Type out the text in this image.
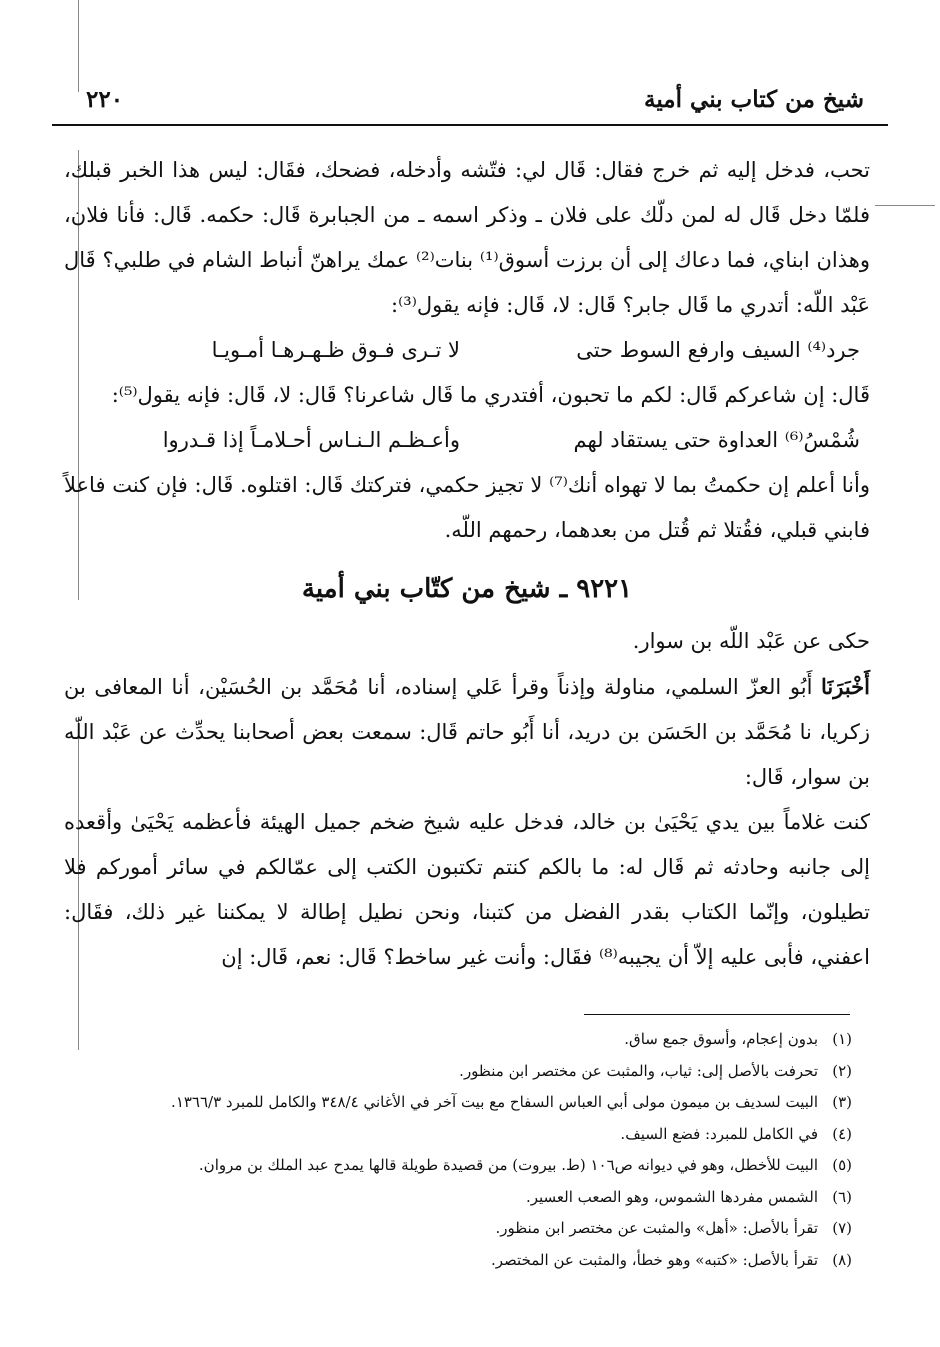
شيخ من كتاب بني أمية
٢٢٠

تحب، فدخل إليه ثم خرج فقال: قَال لي: فتّشه وأدخله، فضحك، فقَال: ليس هذا الخبر قبلك، فلمّا دخل قَال له لمن دلّك على فلان ـ وذكر اسمه ـ من الجبابرة قَال: حكمه. قَال: فأنا فلان، وهذان ابناي، فما دعاك إلى أن برزت أسوق⁽¹⁾ بنات⁽²⁾ عمك يراهنّ أنباط الشام في طلبي؟ قَال عَبْد اللّه: أتدري ما قَال جابر؟ قَال: لا، قَال: فإنه يقول⁽³⁾:

جرد⁽⁴⁾ السيف وارفع السوط حتى
لا تـرى فـوق ظـهـرهـا أمـويـا

قَال: إن شاعركم قَال: لكم ما تحبون، أفتدري ما قَال شاعرنا؟ قَال: لا، قَال: فإنه يقول⁽⁵⁾:

شُمْسُ⁽⁶⁾ العداوة حتى يستقاد لهم
وأعـظـم الـنـاس أحـلامـاً إذا قـدروا

وأنا أعلم إن حكمتُ بما لا تهواه أنك⁽⁷⁾ لا تجيز حكمي، فتركتك قَال: اقتلوه. قَال: فإن كنت فاعلاً فابني قبلي، فقُتلا ثم قُتل من بعدهما، رحمهم اللّه.

٩٢٢١ ـ شيخ من كتّاب بني أمية

حكى عن عَبْد اللّه بن سوار.

أَخْبَرَنَا أَبُو العزّ السلمي، مناولة وإذناً وقرأ عَلي إسناده، أنا مُحَمَّد بن الحُسَيْن، أنا المعافى بن زكريا، نا مُحَمَّد بن الحَسَن بن دريد، أنا أَبُو حاتم قَال: سمعت بعض أصحابنا يحدِّث عن عَبْد اللّه بن سوار، قَال:

كنت غلاماً بين يدي يَحْيَىٰ بن خالد، فدخل عليه شيخ ضخم جميل الهيئة فأعظمه يَحْيَىٰ وأقعده إلى جانبه وحادثه ثم قَال له: ما بالكم كنتم تكتبون الكتب إلى عمّالكم في سائر أموركم فلا تطيلون، وإنّما الكتاب بقدر الفضل من كتبنا، ونحن نطيل إطالة لا يمكننا غير ذلك، فقَال: اعفني، فأبى عليه إلاّ أن يجيبه⁽⁸⁾ فقَال: وأنت غير ساخط؟ قَال: نعم، قَال: إن

(١)
بدون إعجام، وأسوق جمع ساق.
(٢)
تحرفت بالأصل إلى: ثياب، والمثبت عن مختصر ابن منظور.
(٣)
البيت لسديف بن ميمون مولى أبي العباس السفاح مع بيت آخر في الأغاني ٣٤٨/٤ والكامل للمبرد ١٣٦٦/٣.
(٤)
في الكامل للمبرد: فضع السيف.
(٥)
البيت للأخطل، وهو في ديوانه ص١٠٦ (ط. بيروت) من قصيدة طويلة قالها يمدح عبد الملك بن مروان.
(٦)
الشمس مفردها الشموس، وهو الصعب العسير.
(٧)
تقرأ بالأصل: «أهل» والمثبت عن مختصر ابن منظور.
(٨)
تقرأ بالأصل: «كتبه» وهو خطأ، والمثبت عن المختصر.
